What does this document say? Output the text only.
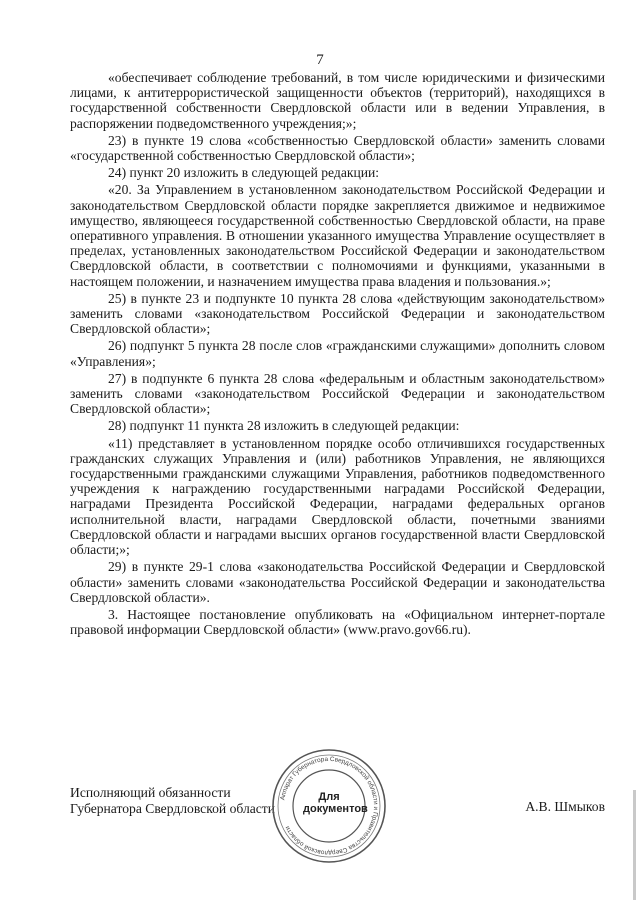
7

«обеспечивает соблюдение требований, в том числе юридическими и физическими лицами, к антитеррористической защищенности объектов (территорий), находящихся в государственной собственности Свердловской области или в ведении Управления, в распоряжении подведомственного учреждения;»;

23) в пункте 19 слова «собственностью Свердловской области» заменить словами «государственной собственностью Свердловской области»;

24) пункт 20 изложить в следующей редакции:

«20. За Управлением в установленном законодательством Российской Федерации и законодательством Свердловской области порядке закрепляется движимое и недвижимое имущество, являющееся государственной собственностью Свердловской области, на праве оперативного управления. В отношении указанного имущества Управление осуществляет в пределах, установленных законодательством Российской Федерации и законодательством Свердловской области, в соответствии с полномочиями и функциями, указанными в настоящем положении, и назначением имущества права владения и пользования.»;

25) в пункте 23 и подпункте 10 пункта 28 слова «действующим законодательством» заменить словами «законодательством Российской Федерации и законодательством Свердловской области»;

26) подпункт 5 пункта 28 после слов «гражданскими служащими» дополнить словом «Управления»;

27) в подпункте 6 пункта 28 слова «федеральным и областным законодательством» заменить словами «законодательством Российской Федерации и законодательством Свердловской области»;

28) подпункт 11 пункта 28 изложить в следующей редакции:

«11) представляет в установленном порядке особо отличившихся государственных гражданских служащих Управления и (или) работников Управления, не являющихся государственными гражданскими служащими Управления, работников подведомственного учреждения к награждению государственными наградами Российской Федерации, наградами Президента Российской Федерации, наградами федеральных органов исполнительной власти, наградами Свердловской области, почетными званиями Свердловской области и наградами высших органов государственной власти Свердловской области;»;

29) в пункте 29-1 слова «законодательства Российской Федерации и Свердловской области» заменить словами «законодательства Российской Федерации и законодательства Свердловской области».

3. Настоящее постановление опубликовать на «Официальном интернет-портале правовой информации Свердловской области» (www.pravo.gov66.ru).

Исполняющий обязанности
Губернатора Свердловской области	А.В. Шмыков
Аппарат Губернатора Свердловской области и Правительства Свердловской области
Для
документов
